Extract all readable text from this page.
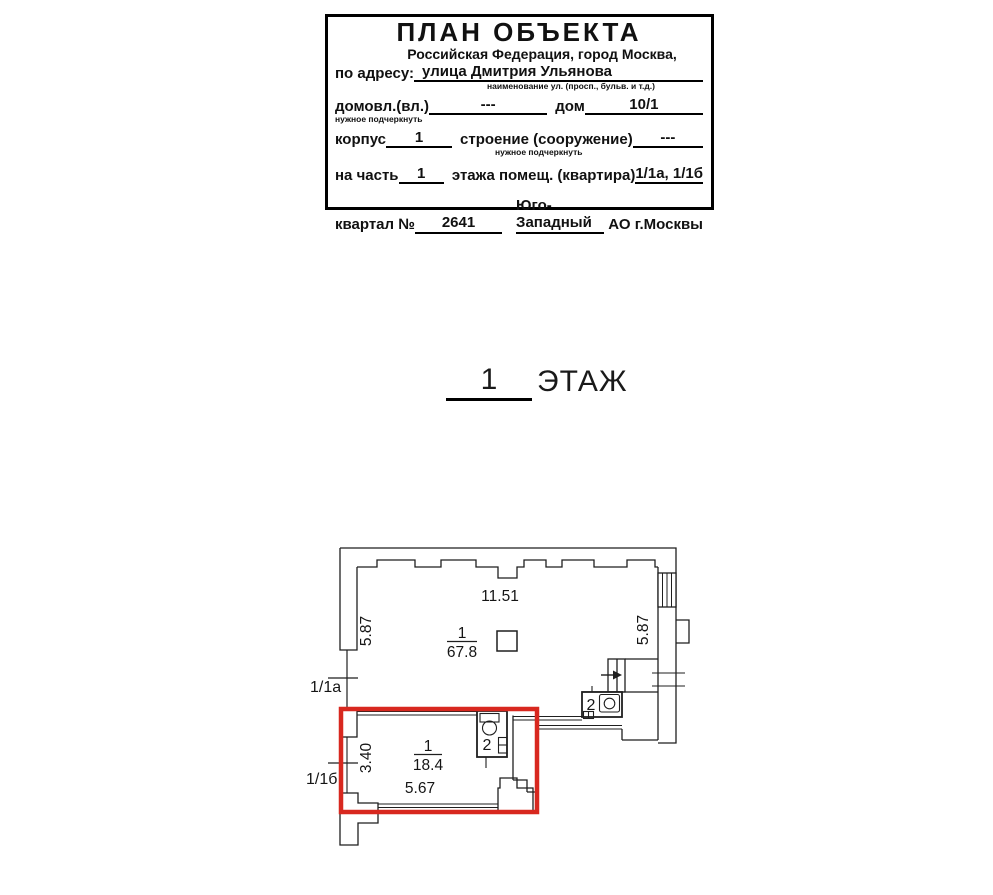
ПЛАН ОБЪЕКТА
Российская Федерация, город Москва,
по адресу: улица Дмитрия Ульянова
наименование ул. (просп., бульв. и т.д.)
домовл.(вл.)	---	дом	10/1
нужное подчеркнуть
корпус	1	строение (сооружение)	---
нужное подчеркнуть
на часть	1	этажа помещ. (квартира) 1/1а, 1/1б
квартал №	2641
Юго-Западный	АО г.Москвы
1	ЭТАЖ
2
2
11.51
5.87	5.87
3.40
5.67
1
67.8
1
18.4
1/1а
1/1б
